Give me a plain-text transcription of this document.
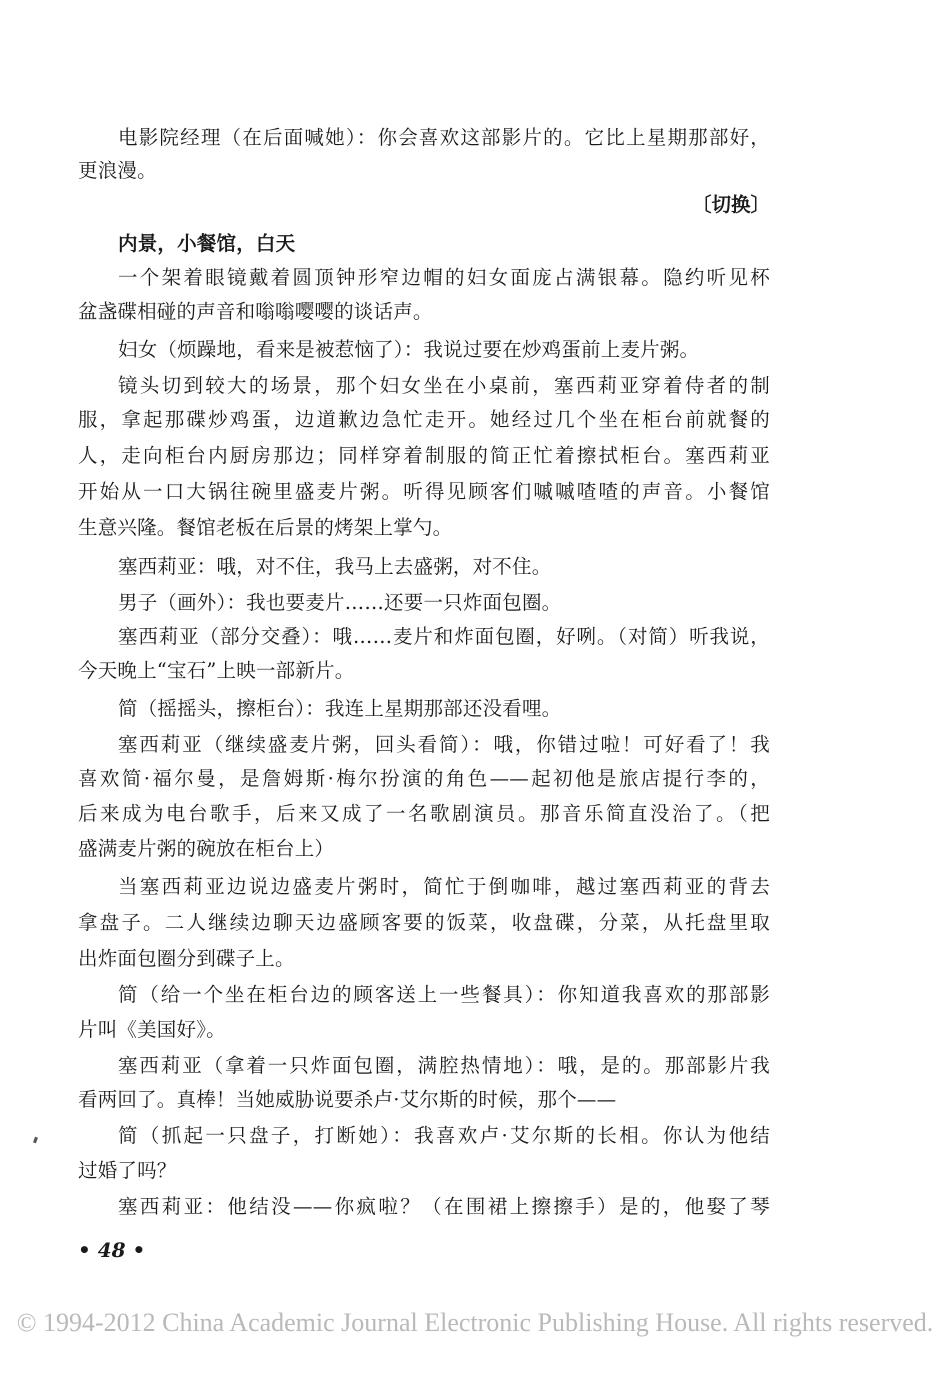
电影院经理（在后面喊她）：你会喜欢这部影片的。它比上星期那部好，
更浪漫。
〔切换〕
内景，小餐馆，白天
一个架着眼镜戴着圆顶钟形窄边帽的妇女面庞占满银幕。隐约听见杯
盆盏碟相碰的声音和嗡嗡嘤嘤的谈话声。
妇女（烦躁地，看来是被惹恼了）：我说过要在炒鸡蛋前上麦片粥。
镜头切到较大的场景，那个妇女坐在小桌前，塞西莉亚穿着侍者的制
服，拿起那碟炒鸡蛋，边道歉边急忙走开。她经过几个坐在柜台前就餐的
人，走向柜台内厨房那边；同样穿着制服的简正忙着擦拭柜台。塞西莉亚
开始从一口大锅往碗里盛麦片粥。听得见顾客们嘁嘁喳喳的声音。小餐馆
生意兴隆。餐馆老板在后景的烤架上掌勺。
塞西莉亚：哦，对不住，我马上去盛粥，对不住。
男子（画外）：我也要麦片……还要一只炸面包圈。
塞西莉亚（部分交叠）：哦……麦片和炸面包圈，好咧。（对简）听我说，
今天晚上“宝石”上映一部新片。
简（摇摇头，擦柜台）：我连上星期那部还没看哩。
塞西莉亚（继续盛麦片粥，回头看简）：哦，你错过啦！可好看了！我
喜欢简·福尔曼，是詹姆斯·梅尔扮演的角色——起初他是旅店提行李的，
后来成为电台歌手，后来又成了一名歌剧演员。那音乐简直没治了。（把
盛满麦片粥的碗放在柜台上）
当塞西莉亚边说边盛麦片粥时，简忙于倒咖啡，越过塞西莉亚的背去
拿盘子。二人继续边聊天边盛顾客要的饭菜，收盘碟，分菜，从托盘里取
出炸面包圈分到碟子上。
简（给一个坐在柜台边的顾客送上一些餐具）：你知道我喜欢的那部影
片叫《美国好》。
塞西莉亚（拿着一只炸面包圈，满腔热情地）：哦，是的。那部影片我
看两回了。真棒！当她威胁说要杀卢·艾尔斯的时候，那个——
简（抓起一只盘子，打断她）：我喜欢卢·艾尔斯的长相。你认为他结
过婚了吗？
塞西莉亚：他结没——你疯啦？（在围裙上擦擦手）是的，他娶了琴
• 48 •
© 1994-2012 China Academic Journal Electronic Publishing House. All rights reserved.
